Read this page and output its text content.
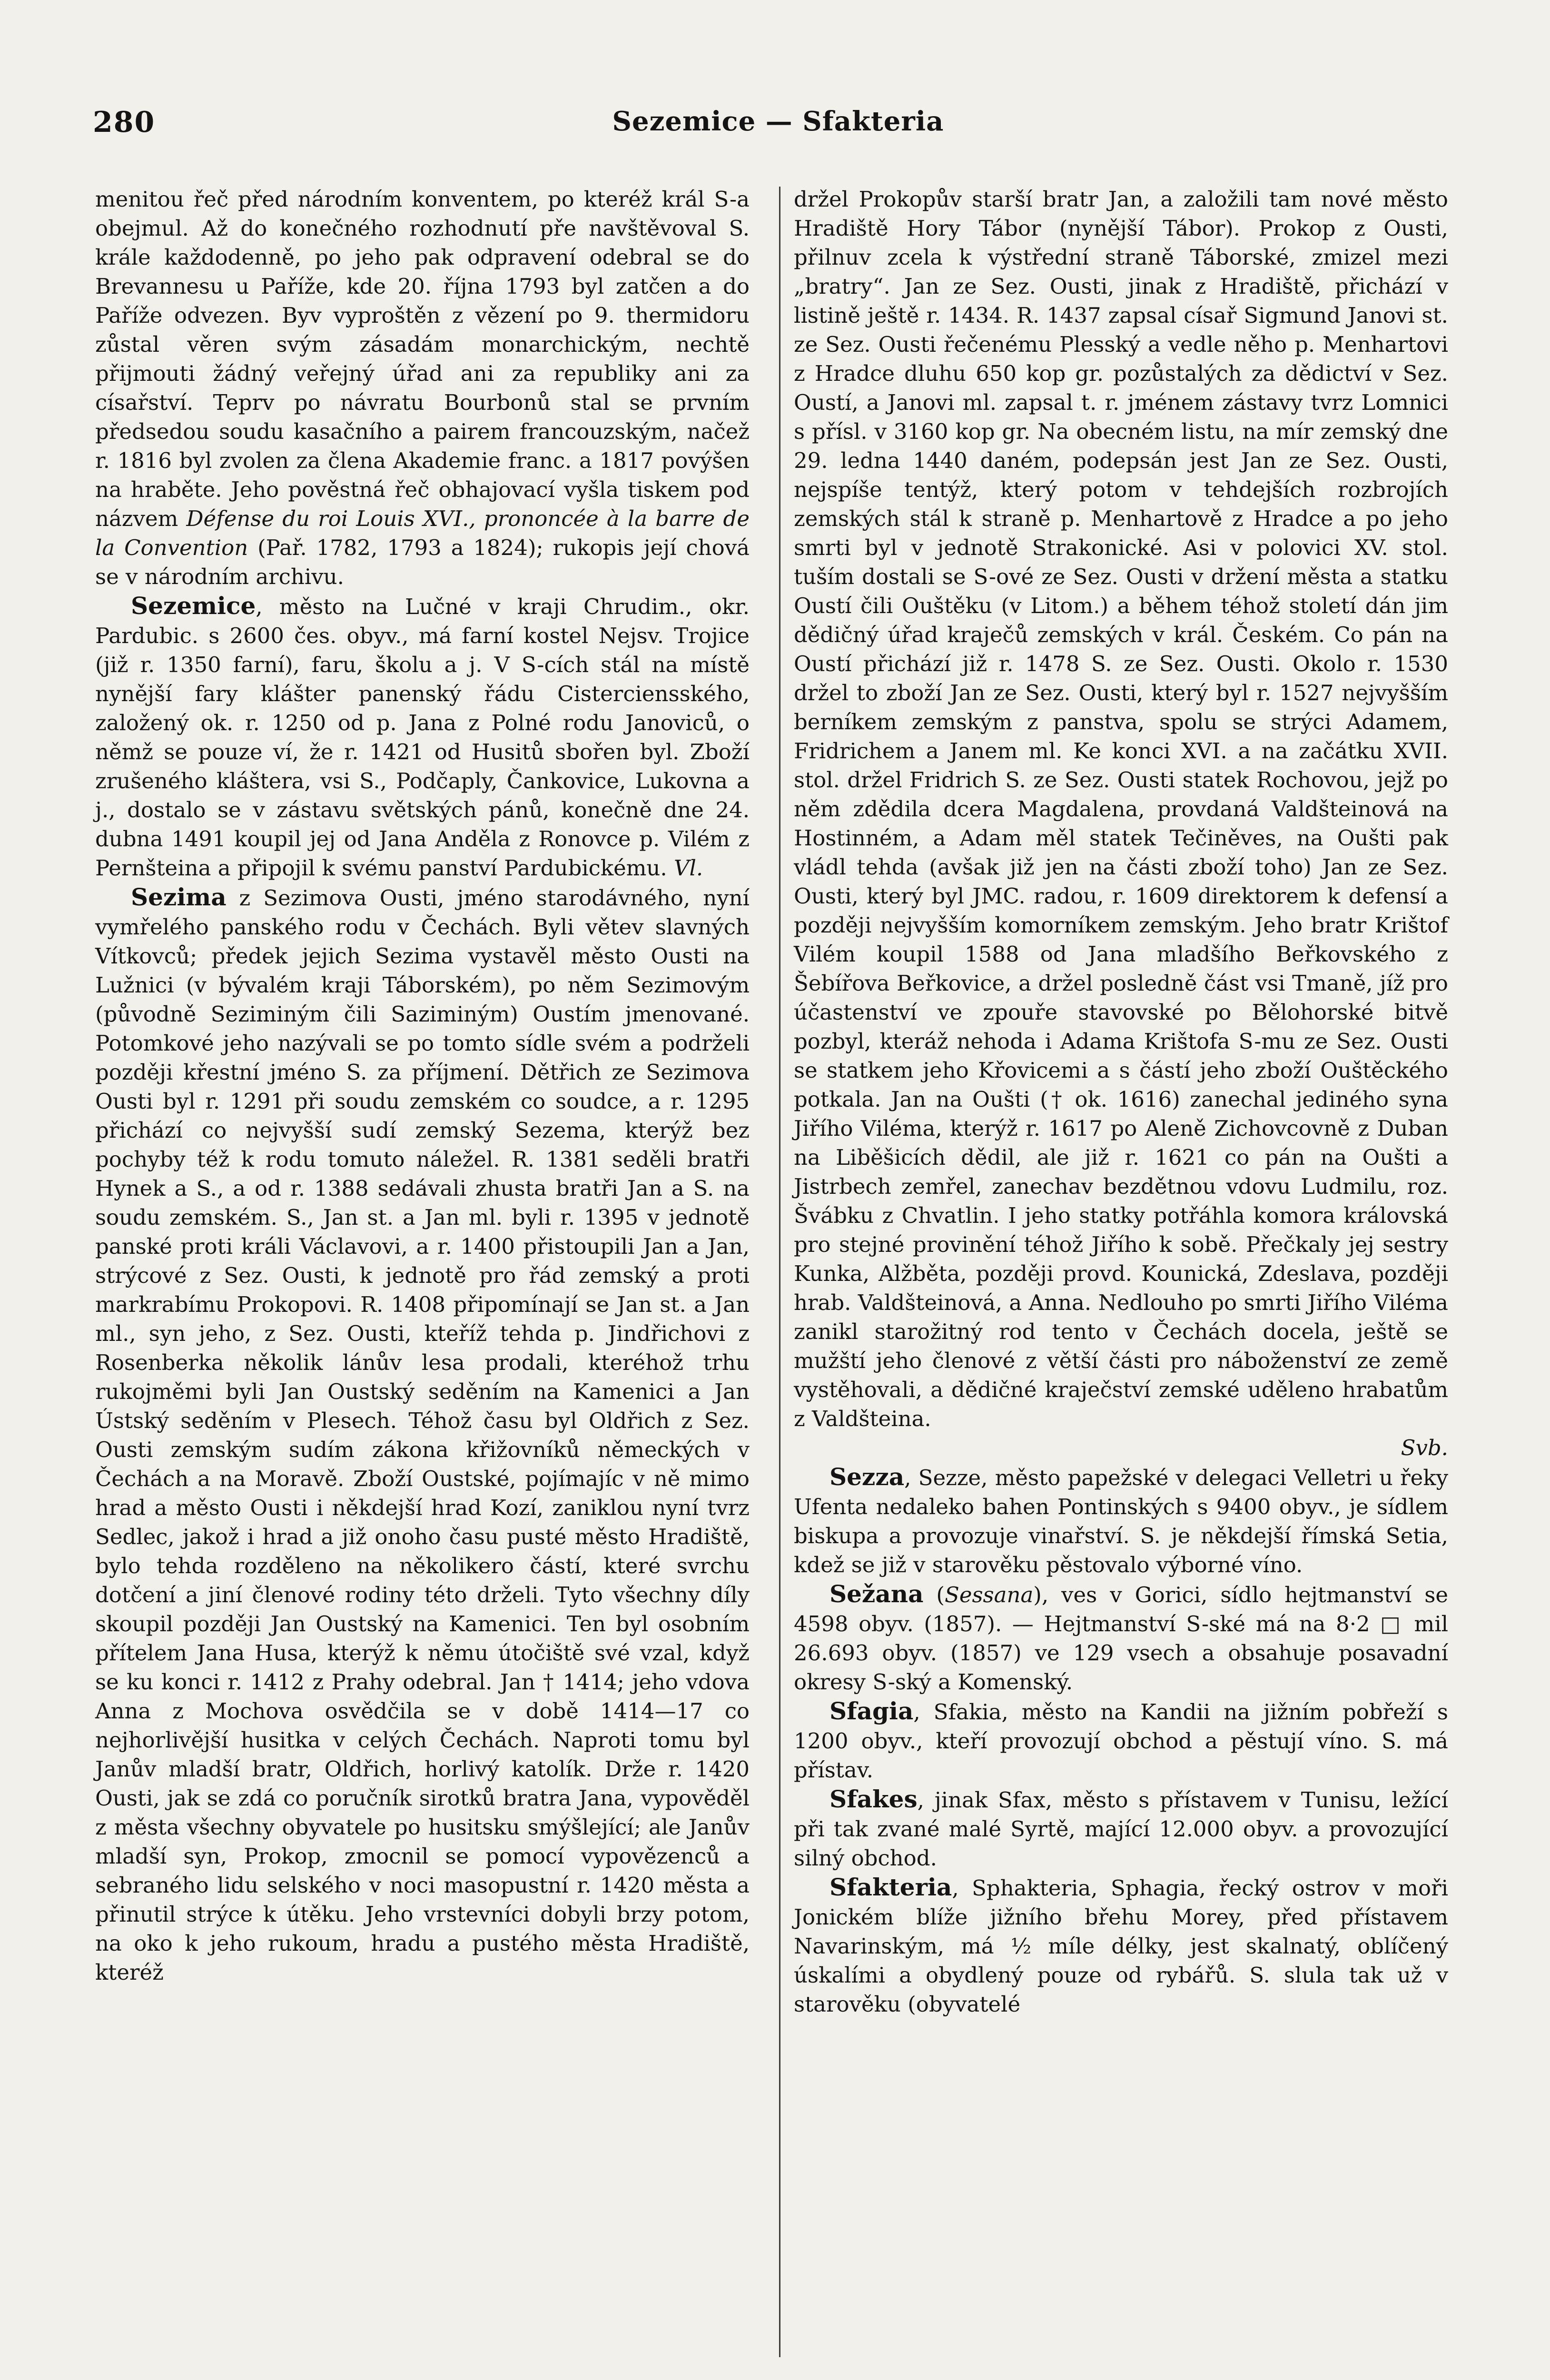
280	Sezemice — Sfakteria

menitou řeč před národním konventem, po kteréž král S-a obejmul. Až do konečného rozhodnutí pře navštěvoval S. krále každodenně, po jeho pak odpravení odebral se do Brevannesu u Paříže, kde 20. října 1793 byl zatčen a do Paříže odvezen. Byv vyproštěn z vězení po 9. thermidoru zůstal věren svým zásadám monarchickým, nechtě přijmouti žádný veřejný úřad ani za republiky ani za císařství. Teprv po návratu Bourbonů stal se prvním předsedou soudu kasačního a pairem francouzským, načež r. 1816 byl zvolen za člena Akademie franc. a 1817 povýšen na hraběte. Jeho pověstná řeč obhajovací vyšla tiskem pod názvem Défense du roi Louis XVI., prononcée à la barre de la Convention (Pař. 1782, 1793 a 1824); rukopis její chová se v národním archivu.

Sezemice, město na Lučné v kraji Chrudim., okr. Pardubic. s 2600 čes. obyv., má farní kostel Nejsv. Trojice (již r. 1350 farní), faru, školu a j. V S-cích stál na místě nynější fary klášter panenský řádu Cisterciensského, založený ok. r. 1250 od p. Jana z Polné rodu Janoviců, o němž se pouze ví, že r. 1421 od Husitů sbořen byl. Zboží zrušeného kláštera, vsi S., Podčaply, Čankovice, Lukovna a j., dostalo se v zástavu světských pánů, konečně dne 24. dubna 1491 koupil jej od Jana Anděla z Ronovce p. Vilém z Pernšteina a připojil k svému panství Pardubickému. Vl.

Sezima z Sezimova Ousti, jméno starodávného, nyní vymřelého panského rodu v Čechách. Byli větev slavných Vítkovců; předek jejich Sezima vystavěl město Ousti na Lužnici (v bývalém kraji Táborském), po něm Sezimovým (původně Seziminým čili Saziminým) Oustím jmenované. Potomkové jeho nazývali se po tomto sídle svém a podrželi později křestní jméno S. za příjmení. Dětřich ze Sezimova Ousti byl r. 1291 při soudu zemském co soudce, a r. 1295 přichází co nejvyšší sudí zemský Sezema, kterýž bez pochyby též k rodu tomuto náležel. R. 1381 seděli bratři Hynek a S., a od r. 1388 sedávali zhusta bratři Jan a S. na soudu zemském. S., Jan st. a Jan ml. byli r. 1395 v jednotě panské proti králi Václavovi, a r. 1400 přistoupili Jan a Jan, strýcové z Sez. Ousti, k jednotě pro řád zemský a proti markrabímu Prokopovi. R. 1408 připomínají se Jan st. a Jan ml., syn jeho, z Sez. Ousti, kteříž tehda p. Jindřichovi z Rosenberka několik lánův lesa prodali, kteréhož trhu rukojměmi byli Jan Oustský seděním na Kamenici a Jan Ústský seděním v Plesech. Téhož času byl Oldřich z Sez. Ousti zemským sudím zákona křižovníků německých v Čechách a na Moravě. Zboží Oustské, pojímajíc v ně mimo hrad a město Ousti i někdejší hrad Kozí, zaniklou nyní tvrz Sedlec, jakož i hrad a již onoho času pusté město Hradiště, bylo tehda rozděleno na několikero částí, které svrchu dotčení a jiní členové rodiny této drželi. Tyto všechny díly skoupil později Jan Oustský na Kamenici. Ten byl osobním přítelem Jana Husa, kterýž k němu útočiště své vzal, když se ku konci r. 1412 z Prahy odebral. Jan † 1414; jeho vdova Anna z Mochova osvědčila se v době 1414—17 co nejhorlivější husitka v celých Čechách. Naproti tomu byl Janův mladší bratr, Oldřich, horlivý katolík. Drže r. 1420 Ousti, jak se zdá co poručník sirotků bratra Jana, vypověděl z města všechny obyvatele po husitsku smýšlející; ale Janův mladší syn, Prokop, zmocnil se pomocí vypovězenců a sebraného lidu selského v noci masopustní r. 1420 města a přinutil strýce k útěku. Jeho vrstevníci dobyli brzy potom, na oko k jeho rukoum, hradu a pustého města Hradiště, kteréž

držel Prokopův starší bratr Jan, a založili tam nové město Hradiště Hory Tábor (nynější Tábor). Prokop z Ousti, přilnuv zcela k výstřední straně Táborské, zmizel mezi „bratry“. Jan ze Sez. Ousti, jinak z Hradiště, přichází v listině ještě r. 1434. R. 1437 zapsal císař Sigmund Janovi st. ze Sez. Ousti řečenému Plesský a vedle něho p. Menhartovi z Hradce dluhu 650 kop gr. pozůstalých za dědictví v Sez. Oustí, a Janovi ml. zapsal t. r. jménem zástavy tvrz Lomnici s přísl. v 3160 kop gr. Na obecném listu, na mír zemský dne 29. ledna 1440 daném, podepsán jest Jan ze Sez. Ousti, nejspíše tentýž, který potom v tehdejších rozbrojích zemských stál k straně p. Menhartově z Hradce a po jeho smrti byl v jednotě Strakonické. Asi v polovici XV. stol. tuším dostali se S-ové ze Sez. Ousti v držení města a statku Oustí čili Ouštěku (v Litom.) a během téhož století dán jim dědičný úřad kraječů zemských v král. Českém. Co pán na Oustí přichází již r. 1478 S. ze Sez. Ousti. Okolo r. 1530 držel to zboží Jan ze Sez. Ousti, který byl r. 1527 nejvyšším berníkem zemským z panstva, spolu se strýci Adamem, Fridrichem a Janem ml. Ke konci XVI. a na začátku XVII. stol. držel Fridrich S. ze Sez. Ousti statek Rochovou, jejž po něm zdědila dcera Magdalena, provdaná Valdšteinová na Hostinném, a Adam měl statek Tečiněves, na Oušti pak vládl tehda (avšak již jen na části zboží toho) Jan ze Sez. Ousti, který byl JMC. radou, r. 1609 direktorem k defensí a později nejvyšším komorníkem zemským. Jeho bratr Krištof Vilém koupil 1588 od Jana mladšího Beřkovského z Šebířova Beřkovice, a držel posledně část vsi Tmaně, jíž pro účastenství ve zpouře stavovské po Bělohorské bitvě pozbyl, kteráž nehoda i Adama Krištofa S-mu ze Sez. Ousti se statkem jeho Křovicemi a s částí jeho zboží Ouštěckého potkala. Jan na Oušti († ok. 1616) zanechal jediného syna Jiřího Viléma, kterýž r. 1617 po Aleně Zichovcovně z Duban na Liběšicích dědil, ale již r. 1621 co pán na Oušti a Jistrbech zemřel, zanechav bezdětnou vdovu Ludmilu, roz. Švábku z Chvatlin. I jeho statky potřáhla komora královská pro stejné provinění téhož Jiřího k sobě. Přečkaly jej sestry Kunka, Alžběta, později provd. Kounická, Zdeslava, později hrab. Valdšteinová, a Anna. Nedlouho po smrti Jiřího Viléma zanikl starožitný rod tento v Čechách docela, ještě se mužští jeho členové z větší části pro náboženství ze země vystěhovali, a dědičné kraječství zemské uděleno hrabatům z Valdšteina.

Svb.

Sezza, Sezze, město papežské v delegaci Velletri u řeky Ufenta nedaleko bahen Pontinských s 9400 obyv., je sídlem biskupa a provozuje vinařství. S. je někdejší římská Setia, kdež se již v starověku pěstovalo výborné víno.

Sežana (Sessana), ves v Gorici, sídlo hejtmanství se 4598 obyv. (1857). — Hejtmanství S-ské má na 8·2 □ mil 26.693 obyv. (1857) ve 129 vsech a obsahuje posavadní okresy S-ský a Komenský.

Sfagia, Sfakia, město na Kandii na jižním pobřeží s 1200 obyv., kteří provozují obchod a pěstují víno. S. má přístav.

Sfakes, jinak Sfax, město s přístavem v Tunisu, ležící při tak zvané malé Syrtě, mající 12.000 obyv. a provozující silný obchod.

Sfakteria, Sphakteria, Sphagia, řecký ostrov v moři Jonickém blíže jižního břehu Morey, před přístavem Navarinským, má ½ míle délky, jest skalnatý, oblíčený úskalími a obydlený pouze od rybářů. S. slula tak už v starověku (obyvatelé
